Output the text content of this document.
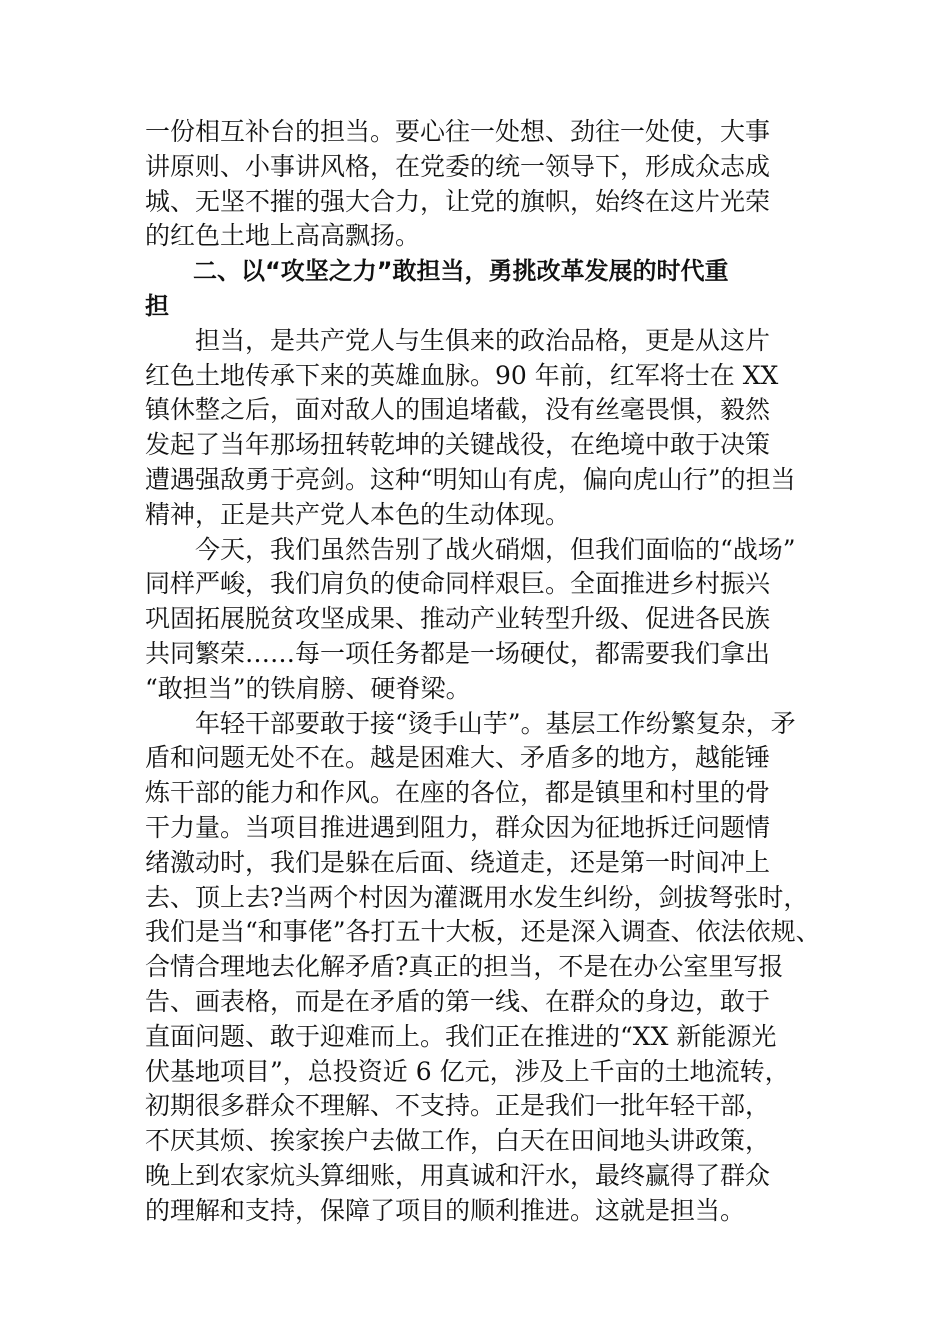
一份相互补台的担当。要心往一处想、劲往一处使，大事
讲原则、小事讲风格，在党委的统一领导下，形成众志成
城、无坚不摧的强大合力，让党的旗帜，始终在这片光荣
的红色土地上高高飘扬。
　　二、以“攻坚之力”敢担当，勇挑改革发展的时代重
担
　　担当，是共产党人与生俱来的政治品格，更是从这片
红色土地传承下来的英雄血脉。90 年前，红军将士在 XX
镇休整之后，面对敌人的围追堵截，没有丝毫畏惧，毅然
发起了当年那场扭转乾坤的关键战役，在绝境中敢于决策
遭遇强敌勇于亮剑。这种“明知山有虎，偏向虎山行”的担当
精神，正是共产党人本色的生动体现。
　　今天，我们虽然告别了战火硝烟，但我们面临的“战场”
同样严峻，我们肩负的使命同样艰巨。全面推进乡村振兴
巩固拓展脱贫攻坚成果、推动产业转型升级、促进各民族
共同繁荣……每一项任务都是一场硬仗，都需要我们拿出
“敢担当”的铁肩膀、硬脊梁。
　　年轻干部要敢于接“烫手山芋”。基层工作纷繁复杂，矛
盾和问题无处不在。越是困难大、矛盾多的地方，越能锤
炼干部的能力和作风。在座的各位，都是镇里和村里的骨
干力量。当项目推进遇到阻力，群众因为征地拆迁问题情
绪激动时，我们是躲在后面、绕道走，还是第一时间冲上
去、顶上去?当两个村因为灌溉用水发生纠纷，剑拔弩张时，
我们是当“和事佬”各打五十大板，还是深入调查、依法依规、
合情合理地去化解矛盾?真正的担当，不是在办公室里写报
告、画表格，而是在矛盾的第一线、在群众的身边，敢于
直面问题、敢于迎难而上。我们正在推进的“XX 新能源光
伏基地项目”，总投资近 6 亿元，涉及上千亩的土地流转，
初期很多群众不理解、不支持。正是我们一批年轻干部，
不厌其烦、挨家挨户去做工作，白天在田间地头讲政策，
晚上到农家炕头算细账，用真诚和汗水，最终赢得了群众
的理解和支持，保障了项目的顺利推进。这就是担当。
